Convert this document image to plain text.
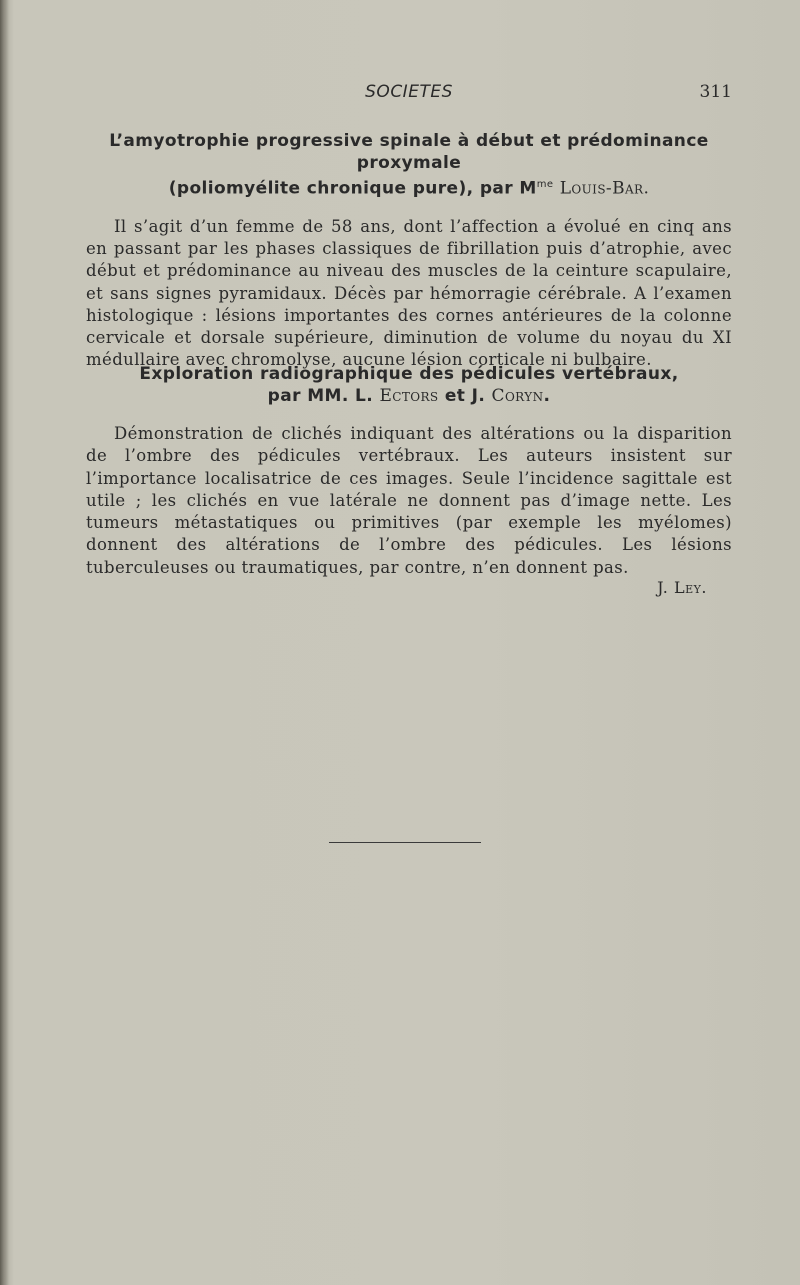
SOCIETES	311

L’amyotrophie progressive spinale à début et prédominance proxymale

(poliomyélite chronique pure), par $M^{me}$ Louis-Bar.

Il s’agit d’un femme de 58 ans, dont l’affection a évolué en cinq ans en passant par les phases classiques de fibrillation puis d’atrophie, avec début et prédominance au niveau des muscles de la ceinture scapulaire, et sans signes pyramidaux. Décès par hémorragie cérébrale. A l’examen histologique : lésions importantes des cornes antérieures de la colonne cervicale et dorsale supérieure, diminution de volume du noyau du XI médullaire avec chromolyse, aucune lésion corticale ni bulbaire.

Exploration radiographique des pédicules vertébraux,

par MM. L. Ectors et J. Coryn.

Démonstration de clichés indiquant des altérations ou la disparition de l’ombre des pédicules vertébraux. Les auteurs insistent sur l’importance localisatrice de ces images. Seule l’incidence sagittale est utile ; les clichés en vue latérale ne donnent pas d’image nette. Les tumeurs métastatiques ou primitives (par exemple les myélomes) donnent des altérations de l’ombre des pédicules. Les lésions tuberculeuses ou traumatiques, par contre, n’en donnent pas.

J. Ley.
